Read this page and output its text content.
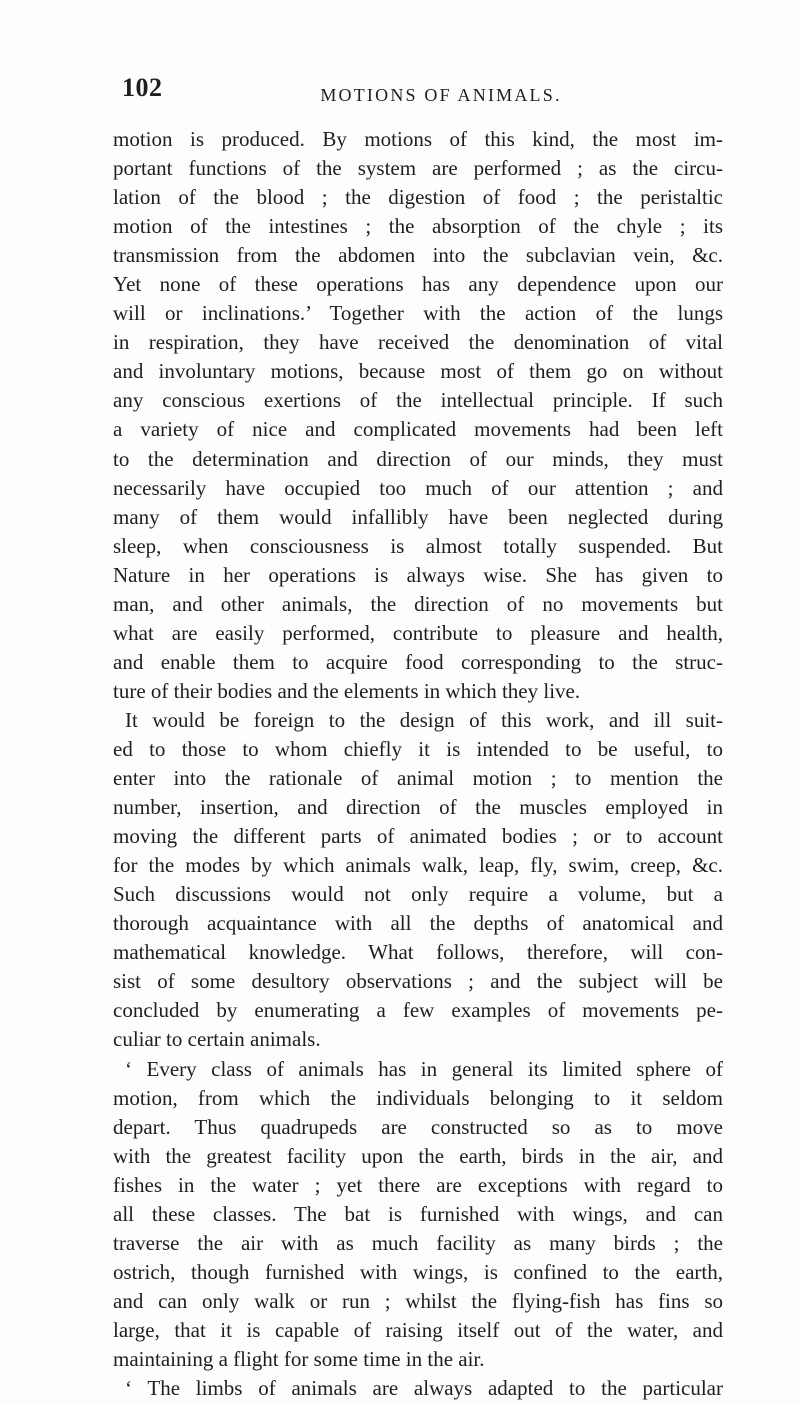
102	MOTIONS OF ANIMALS.
motion is produced. By motions of this kind, the most im-
portant functions of the system are performed ; as the circu-
lation of the blood ; the digestion of food ; the peristaltic
motion of the intestines ; the absorption of the chyle ; its
transmission from the abdomen into the subclavian vein, &c.
Yet none of these operations has any dependence upon our
will or inclinations.’ Together with the action of the lungs
in respiration, they have received the denomination of vital
and involuntary motions, because most of them go on without
any conscious exertions of the intellectual principle. If such
a variety of nice and complicated movements had been left
to the determination and direction of our minds, they must
necessarily have occupied too much of our attention ; and
many of them would infallibly have been neglected during
sleep, when consciousness is almost totally suspended. But
Nature in her operations is always wise. She has given to
man, and other animals, the direction of no movements but
what are easily performed, contribute to pleasure and health,
and enable them to acquire food corresponding to the struc-
ture of their bodies and the elements in which they live.
It would be foreign to the design of this work, and ill suit-
ed to those to whom chiefly it is intended to be useful, to
enter into the rationale of animal motion ; to mention the
number, insertion, and direction of the muscles employed in
moving the different parts of animated bodies ; or to account
for the modes by which animals walk, leap, fly, swim, creep, &c.
Such discussions would not only require a volume, but a
thorough acquaintance with all the depths of anatomical and
mathematical knowledge. What follows, therefore, will con-
sist of some desultory observations ; and the subject will be
concluded by enumerating a few examples of movements pe-
culiar to certain animals.
‘ Every class of animals has in general its limited sphere of
motion, from which the individuals belonging to it seldom
depart. Thus quadrupeds are constructed so as to move
with the greatest facility upon the earth, birds in the air, and
fishes in the water ; yet there are exceptions with regard to
all these classes. The bat is furnished with wings, and can
traverse the air with as much facility as many birds ; the
ostrich, though furnished with wings, is confined to the earth,
and can only walk or run ; whilst the flying-fish has fins so
large, that it is capable of raising itself out of the water, and
maintaining a flight for some time in the air.
‘ The limbs of animals are always adapted to the particular
